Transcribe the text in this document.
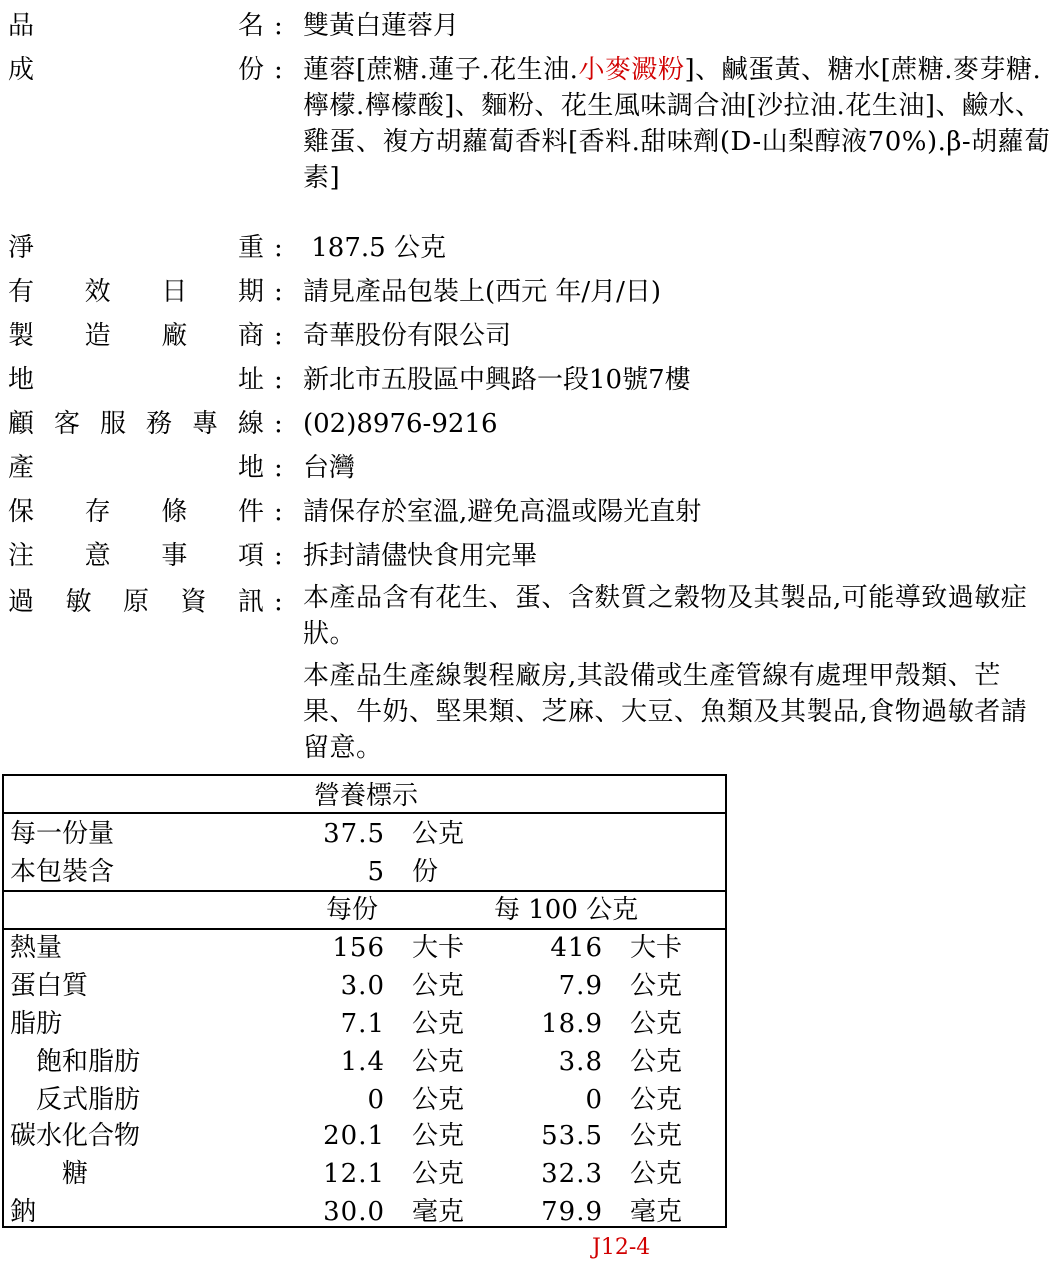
品	名 : 雙黃白蓮蓉月
成	份 : 蓮蓉[蔗糖.蓮子.花生油.小麥澱粉]、鹹蛋黃、糖水[蔗糖.麥芽糖.檸檬.檸檬酸]、麵粉、花生風味調合油[沙拉油.花生油]、鹼水、雞蛋、複方胡蘿蔔香料[香料.甜味劑(D-山梨醇液70%).β-胡蘿蔔素]
淨	重 : 187.5 公克
有 效 日 期 : 請見產品包裝上(西元 年/月/日)
製 造 廠 商 : 奇華股份有限公司
地	址 : 新北市五股區中興路一段10號7樓
顧 客 服 務 專 線 : (02)8976-9216
產	地 : 台灣
保 存 條 件 : 請保存於室溫,避免高溫或陽光直射
注 意 事 項 : 拆封請儘快食用完畢
過 敏 原 資 訊 : 本產品含有花生、蛋、含麩質之穀物及其製品,可能導致過敏症狀。
本產品生產線製程廠房,其設備或生產管線有處理甲殼類、芒果、牛奶、堅果類、芝麻、大豆、魚類及其製品,食物過敏者請留意。
營養標示
每一份量	37.5 公克
本包裝含	5 份
每份	每 100 公克
熱量	156 大卡	416 大卡
蛋白質	3.0 公克	7.9 公克
脂肪	7.1 公克	18.9 公克
飽和脂肪	1.4 公克	3.8 公克
反式脂肪	0 公克	0 公克
碳水化合物	20.1 公克	53.5 公克
糖	12.1 公克	32.3 公克
鈉	30.0 毫克	79.9 毫克
J12-4
